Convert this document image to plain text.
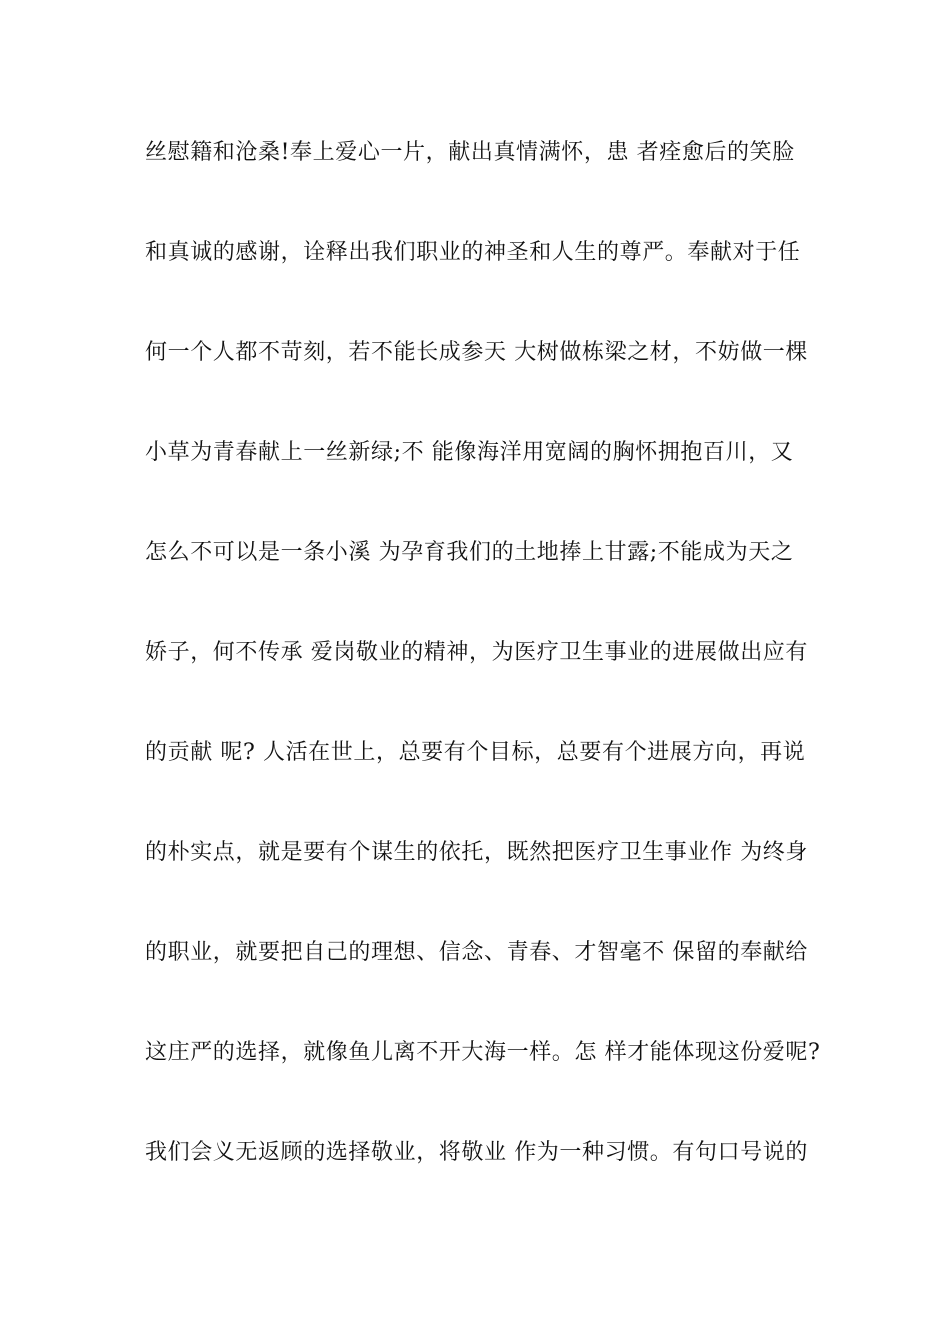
丝慰籍和沧桑!奉上爱心一片，献出真情满怀，患 者痊愈后的笑脸
和真诚的感谢，诠释出我们职业的神圣和人生的尊严。奉献对于任
何一个人都不苛刻，若不能长成参天 大树做栋梁之材，不妨做一棵
小草为青春献上一丝新绿;不 能像海洋用宽阔的胸怀拥抱百川，又
怎么不可以是一条小溪 为孕育我们的土地捧上甘露;不能成为天之
娇子，何不传承 爱岗敬业的精神，为医疗卫生事业的进展做出应有
的贡献 呢? 人活在世上，总要有个目标，总要有个进展方向，再说
的朴实点，就是要有个谋生的依托，既然把医疗卫生事业作 为终身
的职业，就要把自己的理想、信念、青春、才智毫不 保留的奉献给
这庄严的选择，就像鱼儿离不开大海一样。怎 样才能体现这份爱呢?
我们会义无返顾的选择敬业，将敬业 作为一种习惯。有句口号说的
